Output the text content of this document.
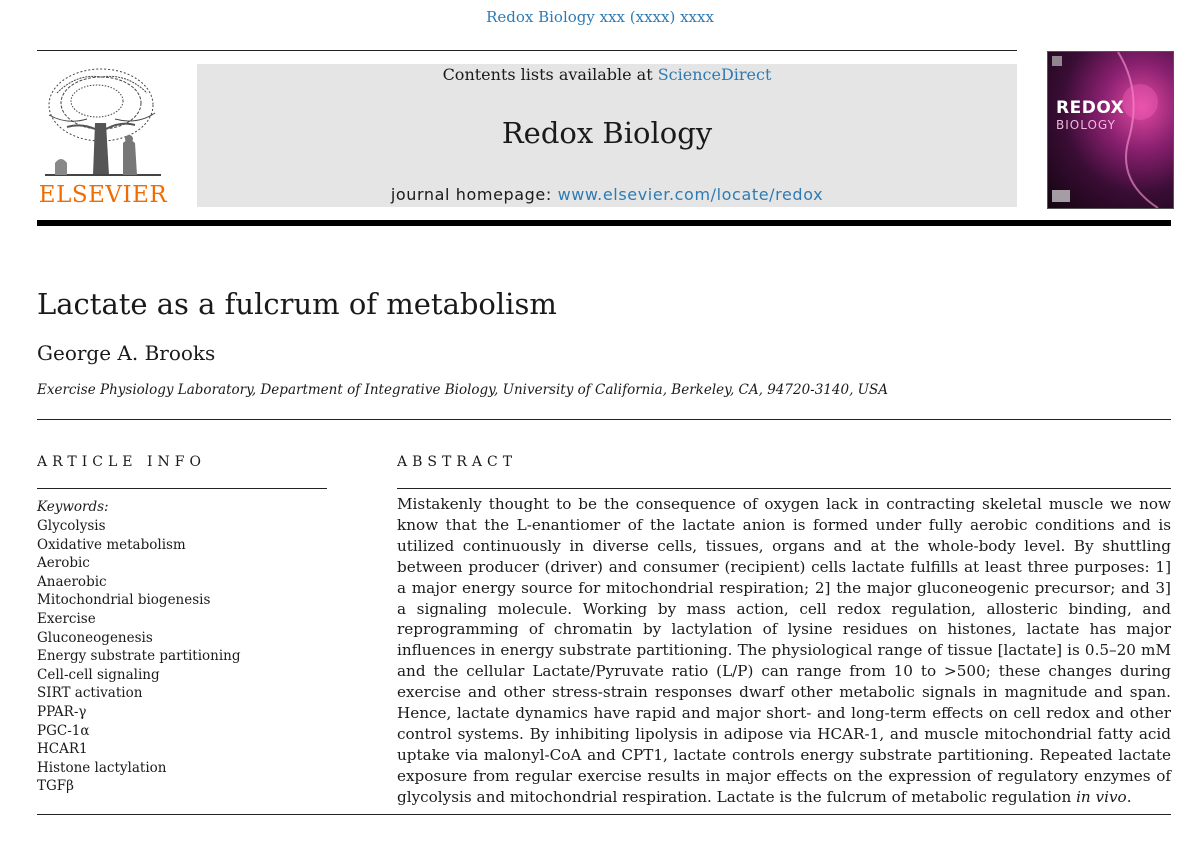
Redox Biology xxx (xxxx) xxxx
ELSEVIER
Contents lists available at ScienceDirect
Redox Biology
journal homepage: www.elsevier.com/locate/redox
REDOX
BIOLOGY
Lactate as a fulcrum of metabolism
George A. Brooks
Exercise Physiology Laboratory, Department of Integrative Biology, University of California, Berkeley, CA, 94720-3140, USA
ARTICLE INFO
Keywords:
Glycolysis
Oxidative metabolism
Aerobic
Anaerobic
Mitochondrial biogenesis
Exercise
Gluconeogenesis
Energy substrate partitioning
Cell-cell signaling
SIRT activation
PPAR-γ
PGC-1α
HCAR1
Histone lactylation
TGFβ
ABSTRACT

Mistakenly thought to be the consequence of oxygen lack in contracting skeletal muscle we now know that the L-enantiomer of the lactate anion is formed under fully aerobic conditions and is utilized continuously in diverse cells, tissues, organs and at the whole-body level. By shuttling between producer (driver) and consumer (recipient) cells lactate fulfills at least three purposes: 1] a major energy source for mitochondrial respiration; 2] the major gluconeogenic precursor; and 3] a signaling molecule. Working by mass action, cell redox regulation, allosteric binding, and reprogramming of chromatin by lactylation of lysine residues on histones, lactate has major influences in energy substrate partitioning. The physiological range of tissue [lactate] is 0.5–20 mM and the cellular Lactate/Pyruvate ratio (L/P) can range from 10 to >500; these changes during exercise and other stress-strain responses dwarf other metabolic signals in magnitude and span. Hence, lactate dynamics have rapid and major short- and long-term effects on cell redox and other control systems. By inhibiting lipolysis in adipose via HCAR-1, and muscle mitochondrial fatty acid uptake via malonyl-CoA and CPT1, lactate controls energy substrate partitioning. Repeated lactate exposure from regular exercise results in major effects on the expression of regulatory enzymes of glycolysis and mitochondrial respiration. Lactate is the fulcrum of metabolic regulation in vivo.
